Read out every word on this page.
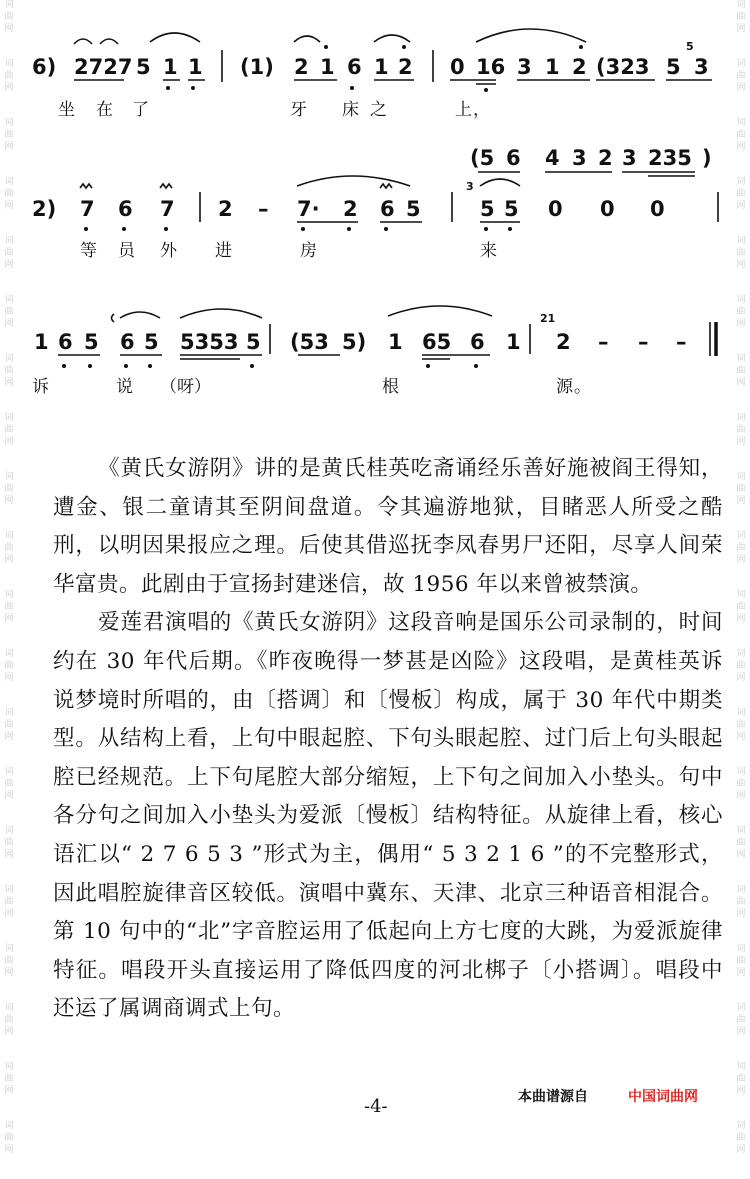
词
曲
网
词
曲
网
词
曲
网
词
曲
网
词
曲
网
词
曲
网
词
曲
网
词
曲
网
词
曲
网
词
曲
网
词
曲
网
词
曲
网
词
曲
网
词
曲
网
词
曲
网
词
曲
网
词
曲
网
词
曲
网
词
曲
网
词
曲
网
词
曲
网
词
曲
网
词
曲
网
词
曲
网
词
曲
网
词
曲
网
词
曲
网
词
曲
网
词
曲
网
词
曲
网
词
曲
网
词
曲
网
词
曲
网
词
曲
网
词
曲
网
词
曲
网
词
曲
网
词
曲
网
词
曲
网
词
曲
网
6) 2727 5 1 1 (1) 2 1 6 1 2 0 16 3 1 2 (323 5 3
5
坐 在 了	牙 床 之	上 ，
(5 6 4 3 2 3 235 )
2) 7 6 7 2 – 7· 2 6 5	5 5 0 0 0
3
等 员 外 进	房	来
1 6 5 6 5 5353 5 (53 5) 1 65 6 1 2 – – –
21
诉	说 （呀）	根	源 。

《黄氏女游阴》讲的是黄氏桂英吃斋诵经乐善好施被阎王得知，遭金、银二童请其至阴间盘道。令其遍游地狱，目睹恶人所受之酷刑，以明因果报应之理。后使其借巡抚李凤春男尸还阳，尽享人间荣华富贵。此剧由于宣扬封建迷信，故 1956 年以来曾被禁演。

爱莲君演唱的《黄氏女游阴》这段音响是国乐公司录制的，时间约在 30 年代后期。《昨夜晚得一梦甚是凶险》这段唱，是黄桂英诉说梦境时所唱的，由〔搭调〕和〔慢板〕构成，属于 30 年代中期类型。从结构上看，上句中眼起腔、下句头眼起腔、过门后上句头眼起腔已经规范。上下句尾腔大部分缩短，上下句之间加入小垫头。句中各分句之间加入小垫头为爱派〔慢板〕结构特征。从旋律上看，核心语汇以“ 2 7 6 5 3 ”形式为主，偶用“ 5 3 2 1 6 ”的不完整形式，因此唱腔旋律音区较低。演唱中冀东、天津、北京三种语音相混合。第 10 句中的“北”字音腔运用了低起向上方七度的大跳，为爱派旋律特征。唱段开头直接运用了降低四度的河北梆子〔小搭调〕。唱段中还运了属调商调式上句。

-4-	本曲谱源自	中国词曲网
